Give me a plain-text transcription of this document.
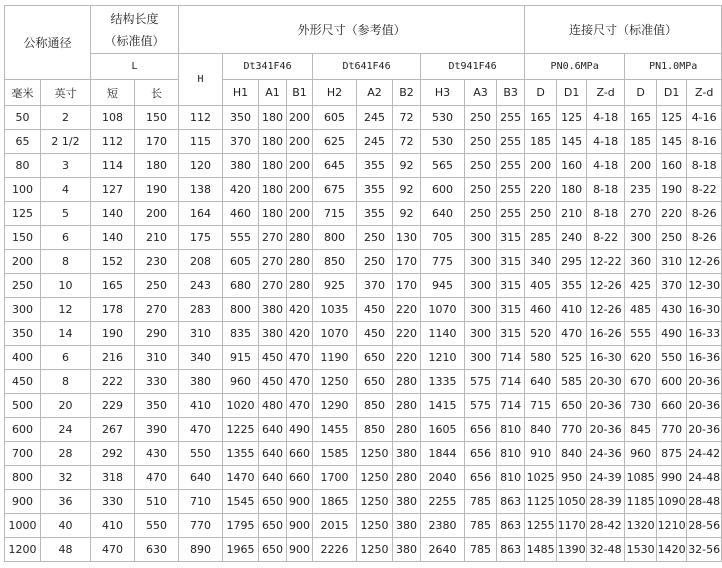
公称通径		结构长度
（标准值）		外形尺寸（参考值）										连接尺寸（标准值）					
		L		H	Dt341F46			Dt641F46			Dt941F46			PN0.6MPa			PN1.0MPa		
毫米	英寸	短	长		H1	A1	B1	H2	A2	B2	H3	A3	B3	D	D1	Z-d	D	D1	Z-d
50	2	108	150	112	350	180	200	605	245	72	530	250	255	165	125	4-18	165	125	4-16
65	2 1/2	112	170	115	370	180	200	625	245	72	530	250	255	185	145	4-18	185	145	8-16
80	3	114	180	120	380	180	200	645	355	92	565	250	255	200	160	4-18	200	160	8-18
100	4	127	190	138	420	180	200	675	355	92	600	250	255	220	180	8-18	235	190	8-22
125	5	140	200	164	460	180	200	715	355	92	640	250	255	250	210	8-18	270	220	8-26
150	6	140	210	175	555	270	280	800	250	130	705	300	315	285	240	8-22	300	250	8-26
200	8	152	230	208	605	270	280	850	250	170	775	300	315	340	295	12-22	360	310	12-26
250	10	165	250	243	680	270	280	925	370	170	945	300	315	405	355	12-26	425	370	12-30
300	12	178	270	283	800	380	420	1035	450	220	1070	300	315	460	410	12-26	485	430	16-30
350	14	190	290	310	835	380	420	1070	450	220	1140	300	315	520	470	16-26	555	490	16-33
400	6	216	310	340	915	450	470	1190	650	220	1210	300	714	580	525	16-30	620	550	16-36
450	8	222	330	380	960	450	470	1250	650	280	1335	575	714	640	585	20-30	670	600	20-36
500	20	229	350	410	1020	480	470	1290	850	280	1415	575	714	715	650	20-36	730	660	20-36
600	24	267	390	470	1225	640	490	1455	850	280	1605	656	810	840	770	20-36	845	770	20-36
700	28	292	430	550	1355	640	660	1585	1250	380	1844	656	810	910	840	24-36	960	875	24-42
800	32	318	470	640	1470	640	660	1700	1250	280	2040	656	810	1025	950	24-39	1085	990	24-48
900	36	330	510	710	1545	650	900	1865	1250	380	2255	785	863	1125	1050	28-39	1185	1090	28-48
1000	40	410	550	770	1795	650	900	2015	1250	380	2380	785	863	1255	1170	28-42	1320	1210	28-56
1200	48	470	630	890	1965	650	900	2226	1250	380	2640	785	863	1485	1390	32-48	1530	1420	32-56
